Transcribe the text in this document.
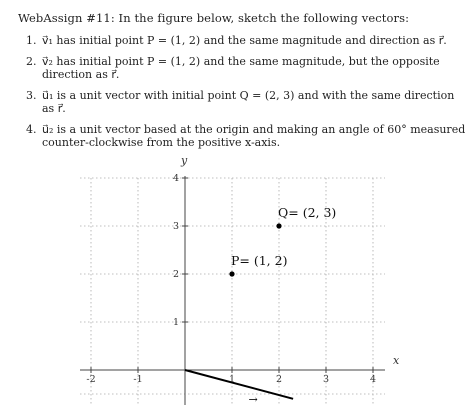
WebAssign #11: In the figure below, sketch the following vectors:
1. v⃗₁ has initial point P = (1, 2) and the same magnitude and direction as r⃗.
2. v⃗₂ has initial point P = (1, 2) and the same magnitude, but the opposite direction as r⃗.
3. u⃗₁ is a unit vector with initial point Q = (2, 3) and with the same direction as r⃗.
4. u⃗₂ is a unit vector based at the origin and making an angle of 60° measured counter-clockwise from the positive x-axis.
-2	-1	1	2	3	4
1
2
3
4
P= (1, 2)
Q= (2, 3)
→
x
y
